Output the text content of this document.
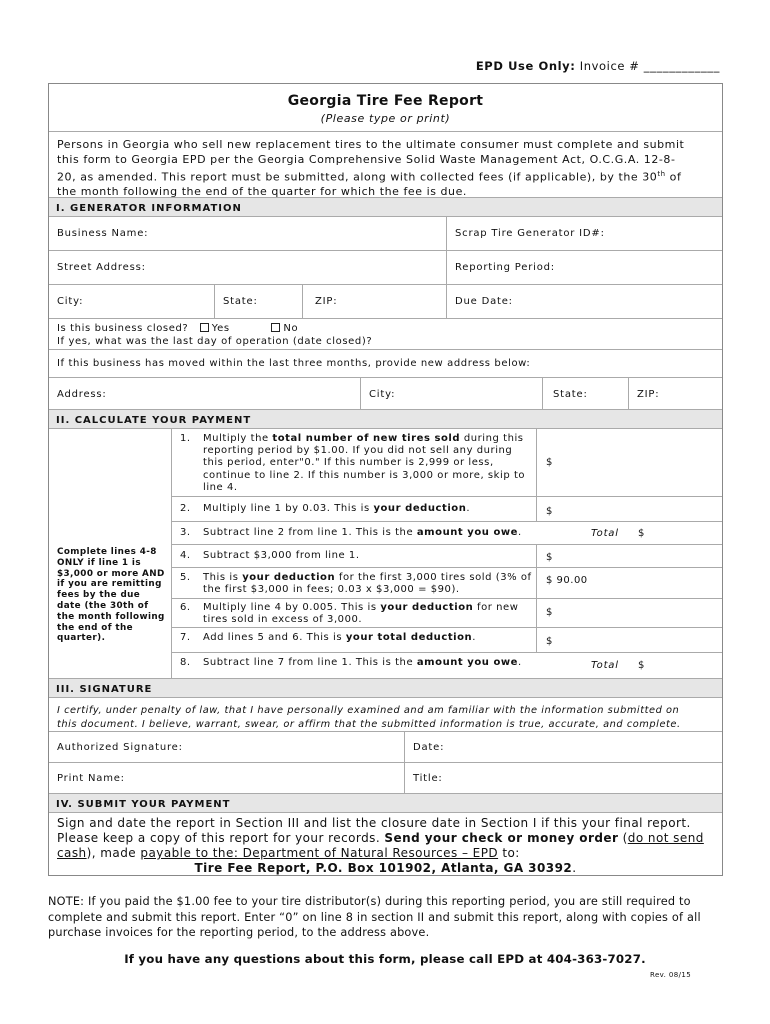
EPD Use Only: Invoice # ____________
Georgia Tire Fee Report
(Please type or print)
Persons in Georgia who sell new replacement tires to the ultimate consumer must complete and submit
this form to Georgia EPD per the Georgia Comprehensive Solid Waste Management Act, O.C.G.A. 12-8-
20, as amended. This report must be submitted, along with collected fees (if applicable), by the 30th of
the month following the end of the quarter for which the fee is due.
I. GENERATOR INFORMATION
Business Name:	Scrap Tire Generator ID#:
Street Address:	Reporting Period:
City:	State:	ZIP:	Due Date:
Is this business closed? Yes	No
If yes, what was the last day of operation (date closed)?
If this business has moved within the last three months, provide new address below:
Address:	City:	State:	ZIP:
II. CALCULATE YOUR PAYMENT
Complete lines 4-8 ONLY if line 1 is $3,000 or more AND if you are remitting fees by the due date (the 30th of the month following the end of the quarter).
1. Multiply the total number of new tires sold during this reporting period by $1.00. If you did not sell any during this period, enter"0." If this number is 2,999 or less, continue to line 2. If this number is 3,000 or more, skip to line 4.
$
2. Multiply line 1 by 0.03. This is your deduction.	$
3. Subtract line 2 from line 1. This is the amount you owe.	Total $
4. Subtract $3,000 from line 1.	$
5. This is your deduction for the first 3,000 tires sold (3% of the first $3,000 in fees; 0.03 x $3,000 = $90).
$ 90.00
6. Multiply line 4 by 0.005. This is your deduction for new tires sold in excess of 3,000.
$
7. Add lines 5 and 6. This is your total deduction.	$
8. Subtract line 7 from line 1. This is the amount you owe.	Total $
III. SIGNATURE
I certify, under penalty of law, that I have personally examined and am familiar with the information submitted on
this document. I believe, warrant, swear, or affirm that the submitted information is true, accurate, and complete.
Authorized Signature:	Date:
Print Name:	Title:
IV. SUBMIT YOUR PAYMENT
Sign and date the report in Section III and list the closure date in Section I if this your final report.
Please keep a copy of this report for your records. Send your check or money order (do not send
cash), made payable to the: Department of Natural Resources – EPD to:
Tire Fee Report, P.O. Box 101902, Atlanta, GA 30392.
NOTE: If you paid the $1.00 fee to your tire distributor(s) during this reporting period, you are still required to
complete and submit this report. Enter “0” on line 8 in section II and submit this report, along with copies of all
purchase invoices for the reporting period, to the address above.
If you have any questions about this form, please call EPD at 404-363-7027.
Rev. 08/15
